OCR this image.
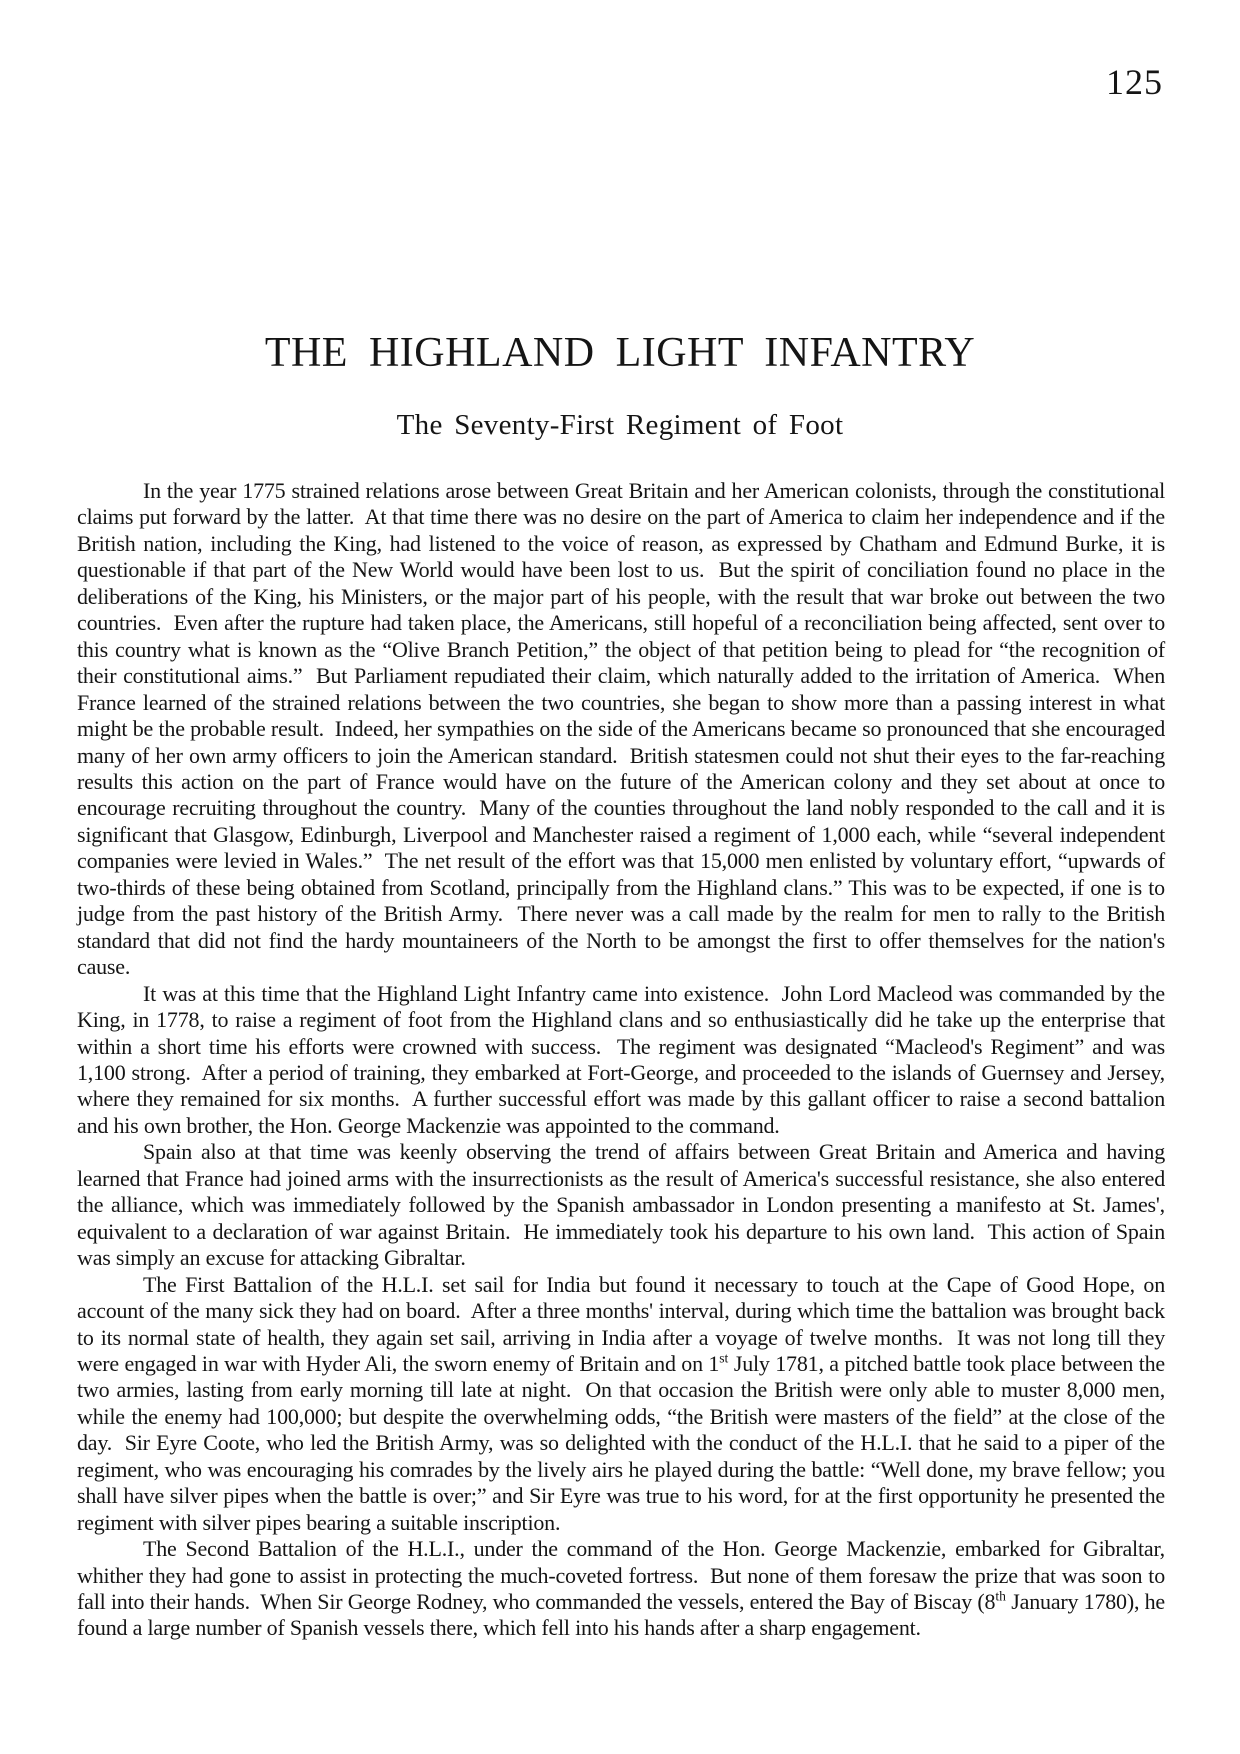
125
THE HIGHLAND LIGHT INFANTRY
The Seventy-First Regiment of Foot

In the year 1775 strained relations arose between Great Britain and her American colonists, through the constitutional claims put forward by the latter.  At that time there was no desire on the part of America to claim her independence and if the British nation, including the King, had listened to the voice of reason, as expressed by Chatham and Edmund Burke, it is questionable if that part of the New World would have been lost to us.  But the spirit of conciliation found no place in the deliberations of the King, his Ministers, or the major part of his people, with the result that war broke out between the two countries.  Even after the rupture had taken place, the Americans, still hopeful of a reconciliation being affected, sent over to this country what is known as the “Olive Branch Petition,” the object of that petition being to plead for “the recognition of their constitutional aims.”  But Parliament repudiated their claim, which naturally added to the irritation of America.  When France learned of the strained relations between the two countries, she began to show more than a passing interest in what might be the probable result.  Indeed, her sympathies on the side of the Americans became so pronounced that she encouraged many of her own army officers to join the American standard.  British statesmen could not shut their eyes to the far-reaching results this action on the part of France would have on the future of the American colony and they set about at once to encourage recruiting throughout the country.  Many of the counties throughout the land nobly responded to the call and it is significant that Glasgow, Edinburgh, Liverpool and Manchester raised a regiment of 1,000 each, while “several independent companies were levied in Wales.”  The net result of the effort was that 15,000 men enlisted by voluntary effort, “upwards of two-thirds of these being obtained from Scotland, principally from the Highland clans.” This was to be expected, if one is to judge from the past history of the British Army.  There never was a call made by the realm for men to rally to the British standard that did not find the hardy mountaineers of the North to be amongst the first to offer themselves for the nation's cause.

It was at this time that the Highland Light Infantry came into existence.  John Lord Macleod was commanded by the King, in 1778, to raise a regiment of foot from the Highland clans and so enthusiastically did he take up the enterprise that within a short time his efforts were crowned with success.  The regiment was designated “Macleod's Regiment” and was 1,100 strong.  After a period of training, they embarked at Fort-George, and proceeded to the islands of Guernsey and Jersey, where they remained for six months.  A further successful effort was made by this gallant officer to raise a second battalion and his own brother, the Hon. George Mackenzie was appointed to the command.

Spain also at that time was keenly observing the trend of affairs between Great Britain and America and having learned that France had joined arms with the insurrectionists as the result of America's successful resistance, she also entered the alliance, which was immediately followed by the Spanish ambassador in London presenting a manifesto at St. James', equivalent to a declaration of war against Britain.  He immediately took his departure to his own land.  This action of Spain was simply an excuse for attacking Gibraltar.

The First Battalion of the H.L.I. set sail for India but found it necessary to touch at the Cape of Good Hope, on account of the many sick they had on board.  After a three months' interval, during which time the battalion was brought back to its normal state of health, they again set sail, arriving in India after a voyage of twelve months.  It was not long till they were engaged in war with Hyder Ali, the sworn enemy of Britain and on 1st July 1781, a pitched battle took place between the two armies, lasting from early morning till late at night.  On that occasion the British were only able to muster 8,000 men, while the enemy had 100,000; but despite the overwhelming odds, “the British were masters of the field” at the close of the day.  Sir Eyre Coote, who led the British Army, was so delighted with the conduct of the H.L.I. that he said to a piper of the regiment, who was encouraging his comrades by the lively airs he played during the battle: “Well done, my brave fellow; you shall have silver pipes when the battle is over;” and Sir Eyre was true to his word, for at the first opportunity he presented the regiment with silver pipes bearing a suitable inscription.

The Second Battalion of the H.L.I., under the command of the Hon. George Mackenzie, embarked for Gibraltar, whither they had gone to assist in protecting the much-coveted fortress.  But none of them foresaw the prize that was soon to fall into their hands.  When Sir George Rodney, who commanded the vessels, entered the Bay of Biscay (8th January 1780), he found a large number of Spanish vessels there, which fell into his hands after a sharp engagement.
